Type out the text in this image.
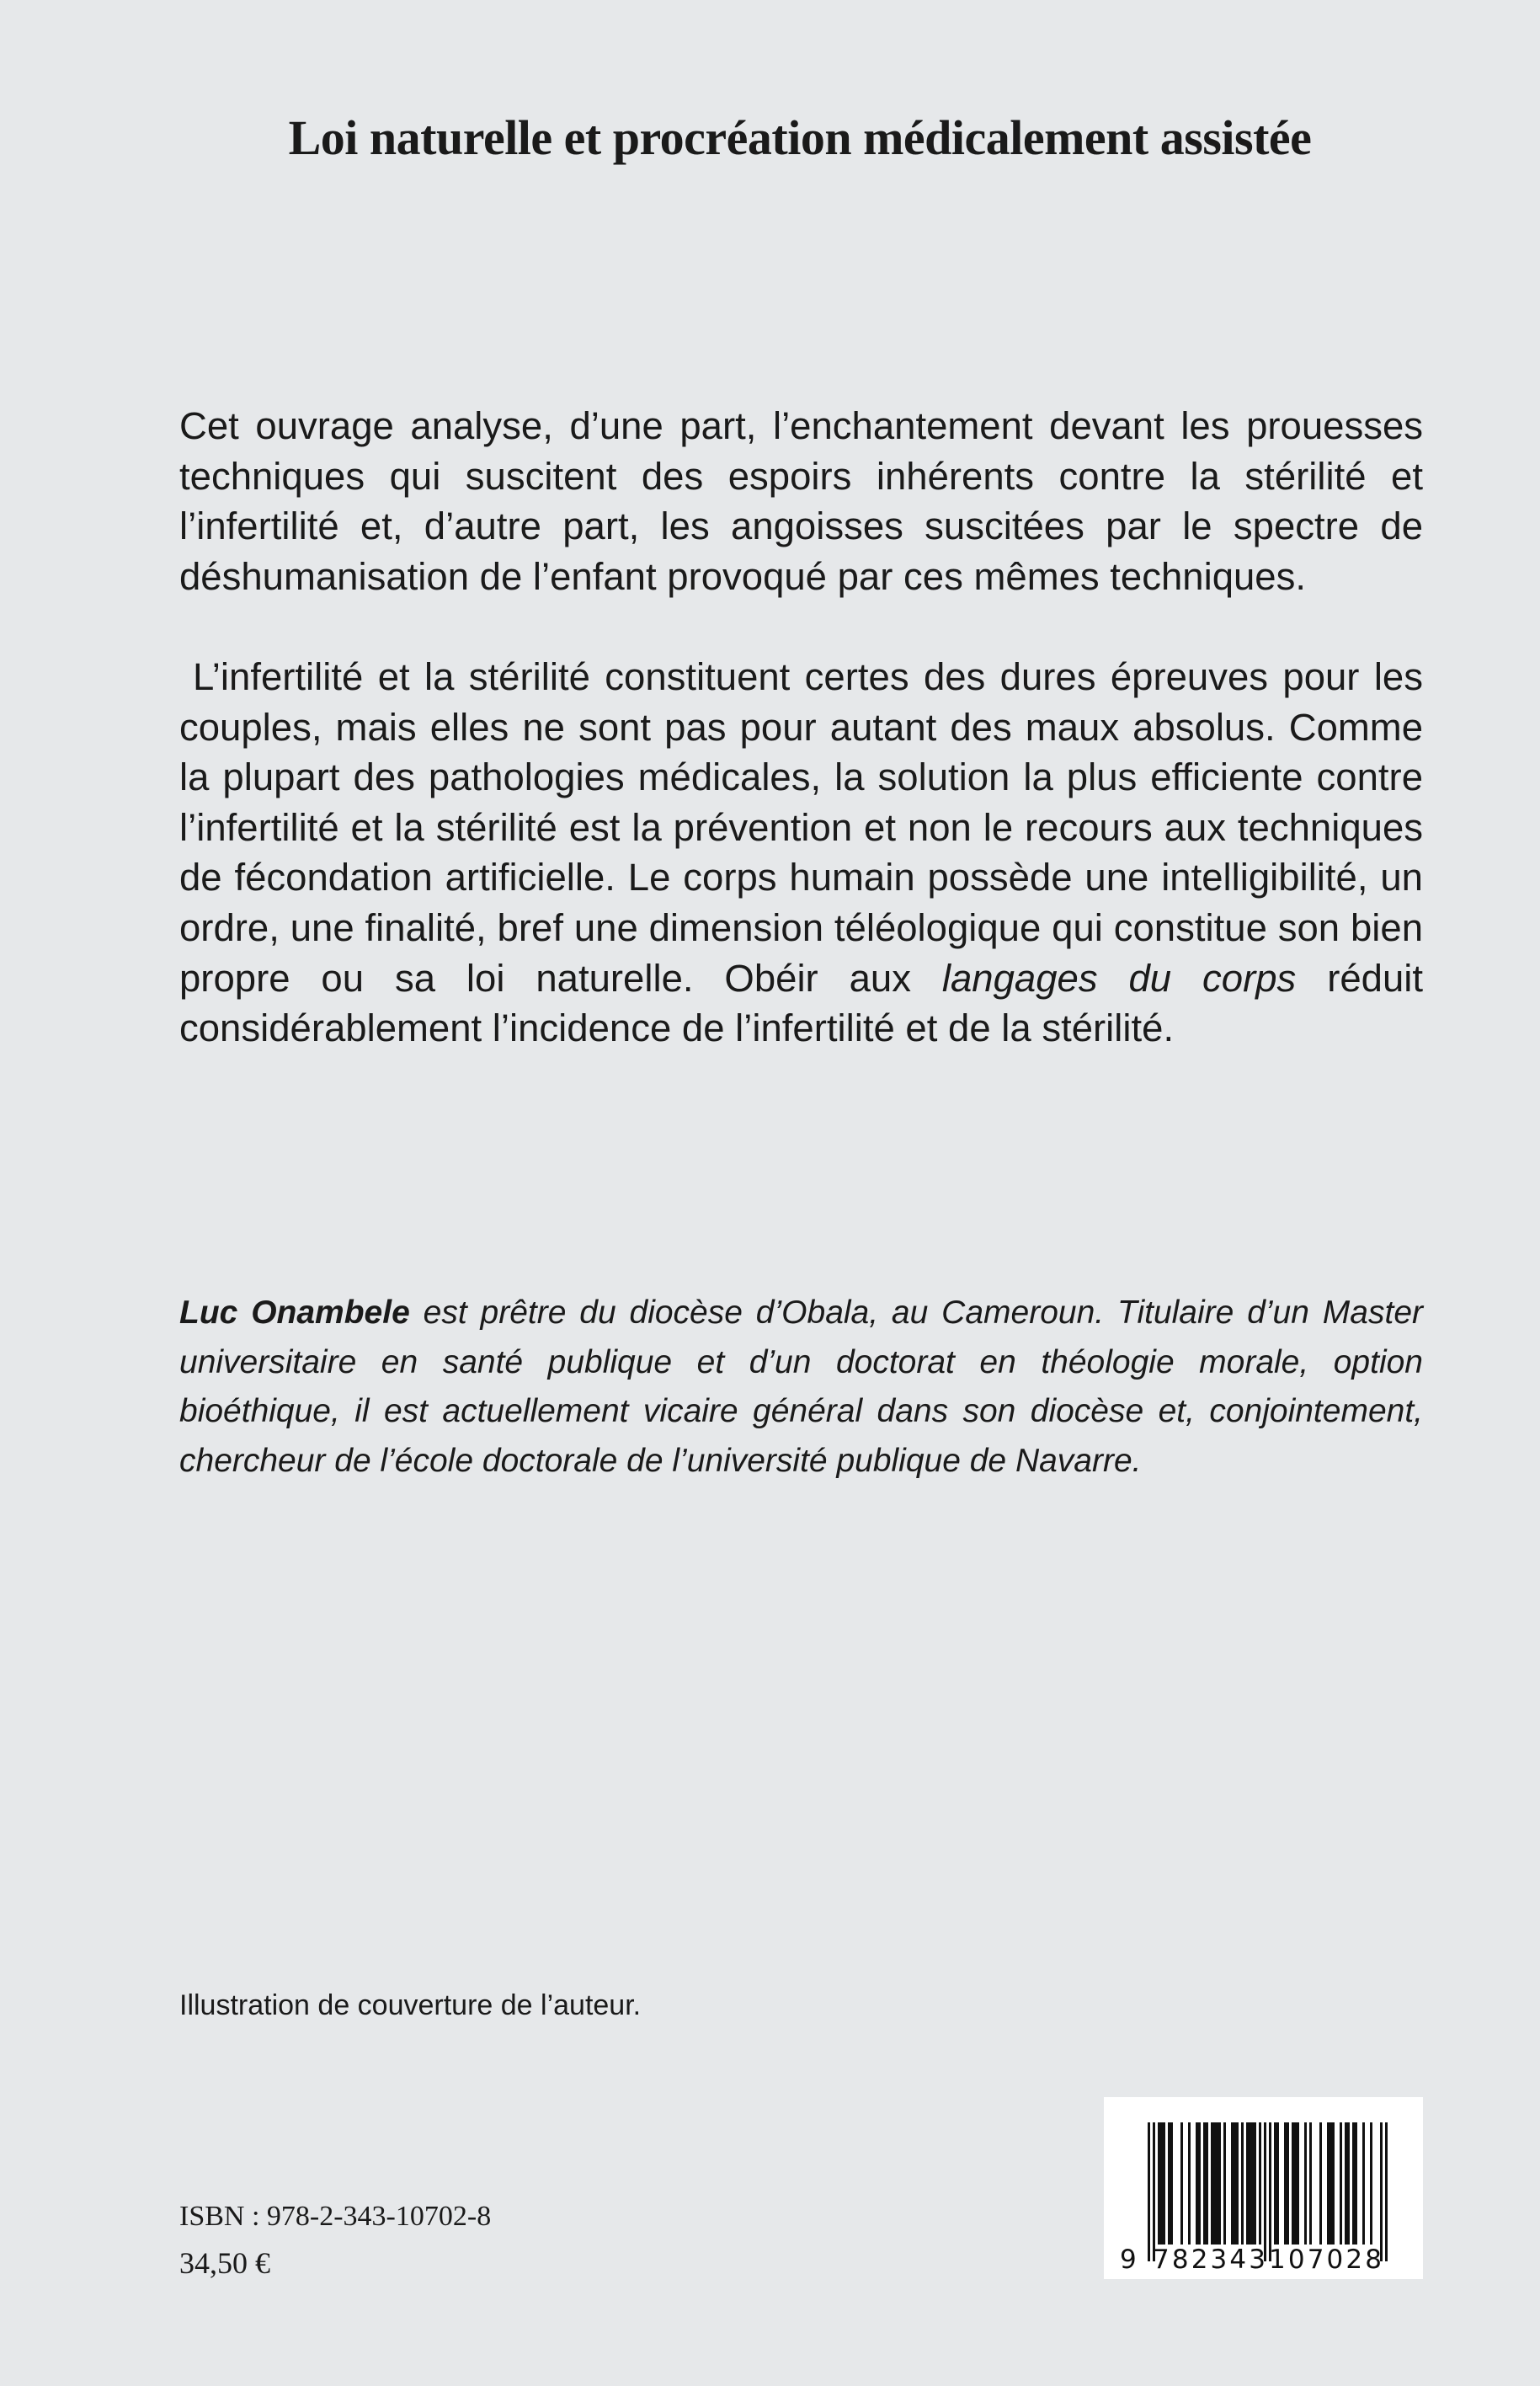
Loi naturelle et procréation médicalement assistée

Cet ouvrage analyse, d’une part, l’enchantement devant les prouesses techniques qui suscitent des espoirs inhérents contre la stérilité et l’infertilité et, d’autre part, les angoisses suscitées par le spectre de déshumanisation de l’enfant provoqué par ces mêmes techniques.

L’infertilité et la stérilité constituent certes des dures épreuves pour les couples, mais elles ne sont pas pour autant des maux absolus. Comme la plupart des pathologies médicales, la solution la plus efficiente contre l’infertilité et la stérilité est la prévention et non le recours aux techniques de fécondation artificielle. Le corps humain possède une intelligibilité, un ordre, une finalité, bref une dimension téléologique qui constitue son bien propre ou sa loi naturelle. Obéir aux langages du corps réduit considérablement l’incidence de l’infertilité et de la stérilité.

Luc Onambele est prêtre du diocèse d’Obala, au Cameroun. Titulaire d’un Master universitaire en santé publique et d’un doctorat en théologie morale, option bioéthique, il est actuellement vicaire général dans son diocèse et, conjointement, chercheur de l’école doctorale de l’université publique de Navarre.
Illustration de couverture de l’auteur.
ISBN : 978-2-343-10702-8
34,50 €	9 782343 107028
